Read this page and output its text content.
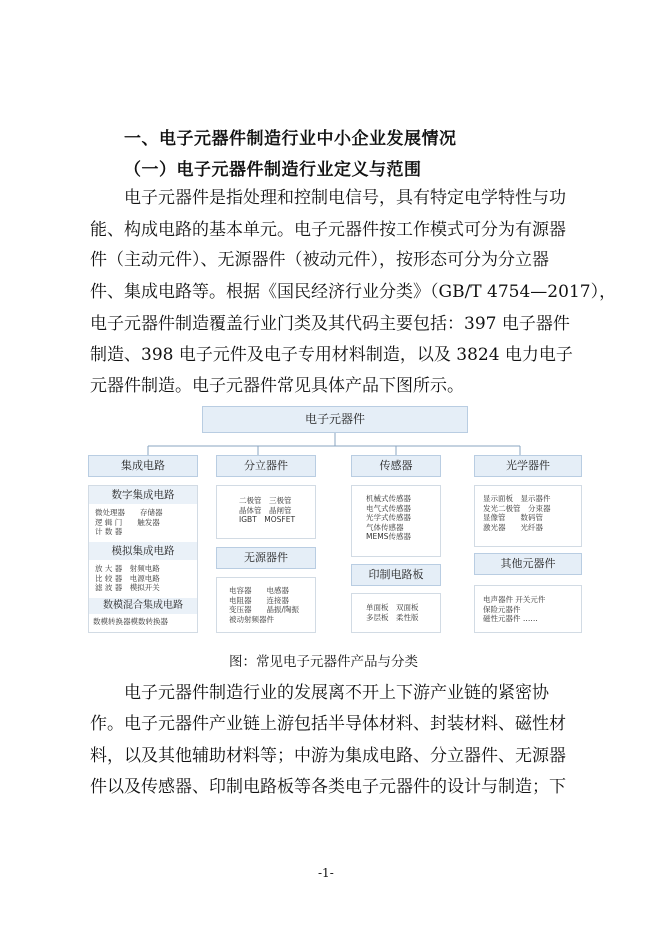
一、电子元器件制造行业中小企业发展情况
（一）电子元器件制造行业定义与范围
电子元器件是指处理和控制电信号，具有特定电学特性与功
能、构成电路的基本单元。电子元器件按工作模式可分为有源器
件（主动元件）、无源器件（被动元件），按形态可分为分立器
件、集成电路等。根据《国民经济行业分类》（GB/T 4754—2017），
电子元器件制造覆盖行业门类及其代码主要包括：397 电子器件
制造、398 电子元件及电子专用材料制造，以及 3824 电力电子
元器件制造。电子元器件常见具体产品下图所示。
电子元器件
集成电路
数字集成电路
微处理器　　存储器
逻 辑 门　　触发器
计 数 器
模拟集成电路
放 大 器　射频电路
比 较 器　电源电路
滤 波 器　模拟开关
数模混合集成电路
数模转换器模数转换器
分立器件
二极管　三极管
晶体管　晶闸管
IGBT　MOSFET
无源器件
电容器　　电感器
电阻器　　连接器
变压器　　晶振/陶振
被动射频器件
传感器
机械式传感器
电气式传感器
光学式传感器
气体传感器
MEMS传感器
印制电路板
单面板　双面板
多层板　柔性版
光学器件
显示面板　显示器件
发光二极管　分束器
显像管　　数码管
激光器　　光纤器
其他元器件
电声器件 开关元件
保险元器件
磁性元器件 ……
图：常见电子元器件产品与分类
电子元器件制造行业的发展离不开上下游产业链的紧密协
作。电子元器件产业链上游包括半导体材料、封装材料、磁性材
料，以及其他辅助材料等；中游为集成电路、分立器件、无源器
件以及传感器、印制电路板等各类电子元器件的设计与制造；下
-1-
